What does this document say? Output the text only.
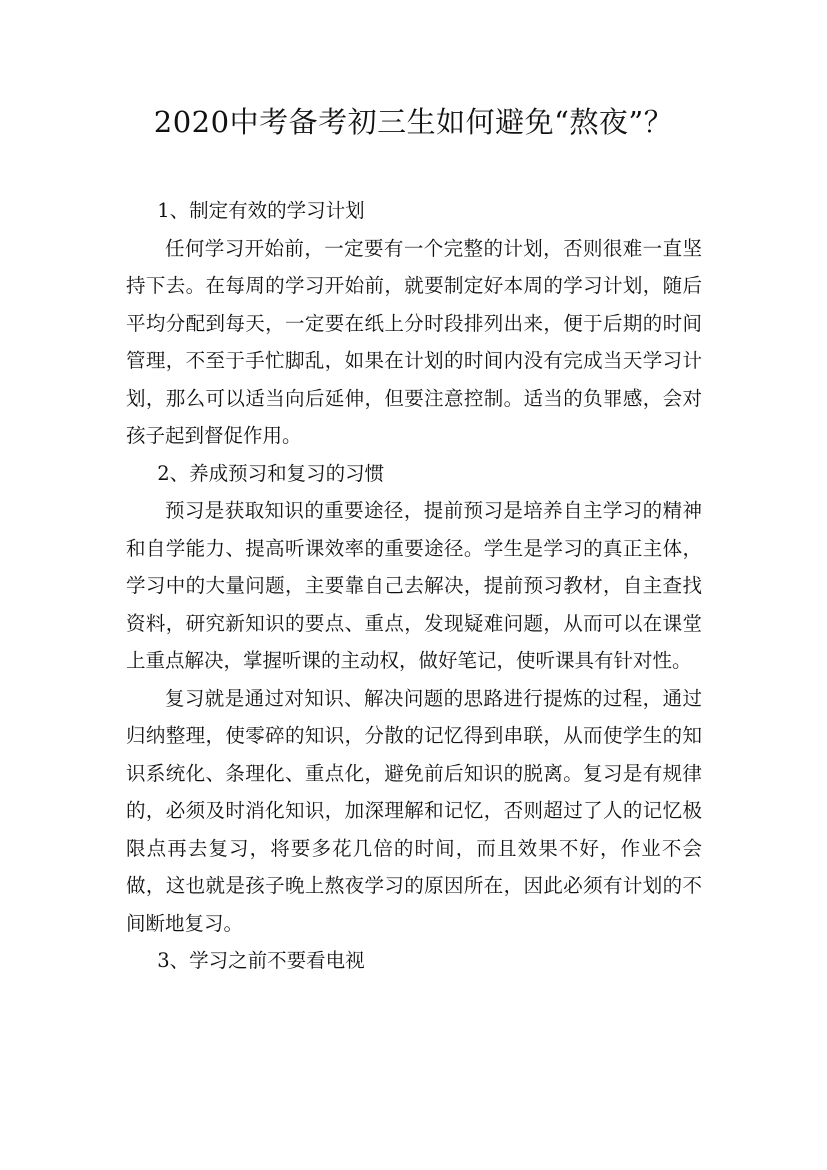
2020中考备考初三生如何避免“熬夜”？

1、制定有效的学习计划

任何学习开始前，一定要有一个完整的计划，否则很难一直坚持下去。在每周的学习开始前，就要制定好本周的学习计划，随后平均分配到每天，一定要在纸上分时段排列出来，便于后期的时间管理，不至于手忙脚乱，如果在计划的时间内没有完成当天学习计划，那么可以适当向后延伸，但要注意控制。适当的负罪感，会对孩子起到督促作用。

2、养成预习和复习的习惯

预习是获取知识的重要途径，提前预习是培养自主学习的精神和自学能力、提高听课效率的重要途径。学生是学习的真正主体，学习中的大量问题，主要靠自己去解决，提前预习教材，自主查找资料，研究新知识的要点、重点，发现疑难问题，从而可以在课堂上重点解决，掌握听课的主动权，做好笔记，使听课具有针对性。

复习就是通过对知识、解决问题的思路进行提炼的过程，通过归纳整理，使零碎的知识，分散的记忆得到串联，从而使学生的知识系统化、条理化、重点化，避免前后知识的脱离。复习是有规律的，必须及时消化知识，加深理解和记忆，否则超过了人的记忆极限点再去复习，将要多花几倍的时间，而且效果不好，作业不会做，这也就是孩子晚上熬夜学习的原因所在，因此必须有计划的不间断地复习。

3、学习之前不要看电视
